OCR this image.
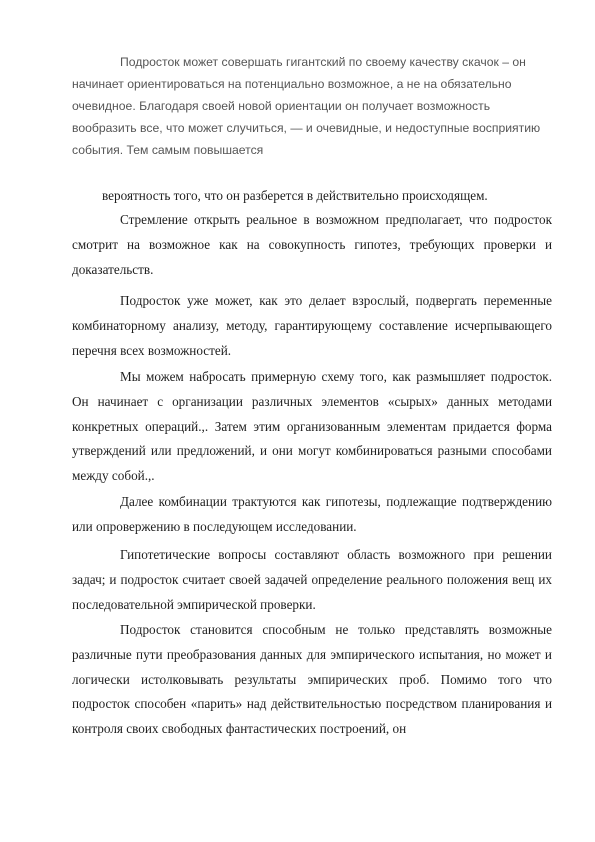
Подросток может совершать гигантский по своему качеству скачок – он начинает ориентироваться на потенциально возможное, а не на обязательно очевидное. Благодаря своей новой ориентации он получает возможность вообразить все, что может случиться, — и очевидные, и недоступные восприятию события. Тем самым повышается

вероятность того, что он разберется в действительно происходящем.

Стремление открыть реальное в возможном предполагает, что подросток смотрит на возможное как на совокупность гипотез, требующих проверки и доказательств.

Подросток уже может, как это делает взрослый, подвергать переменные комбинаторному анализу, методу, гарантирующему составление исчерпывающего перечня всех возможностей.

Мы можем набросать примерную схему того, как размышляет подросток. Он начинает с организации различных элементов «сырых» данных методами конкретных операций.,. Затем этим организованным элементам придается форма утверждений или предложений, и они могут комбинироваться разными способами между собой.,.

Далее комбинации трактуются как гипотезы, подлежащие подтверждению или опровержению в последующем исследовании.

Гипотетические вопросы составляют область возможного при решении задач; и подросток считает своей задачей определение реального положения вещ их последовательной эмпирической проверки.

Подросток становится способным не только представлять возможные различные пути преобразования данных для эмпирического испытания, но может и логически истолковывать результаты эмпирических проб. Помимо того что подросток способен «парить» над действительностью посредством планирования и контроля своих свободных фантастических построений, он
